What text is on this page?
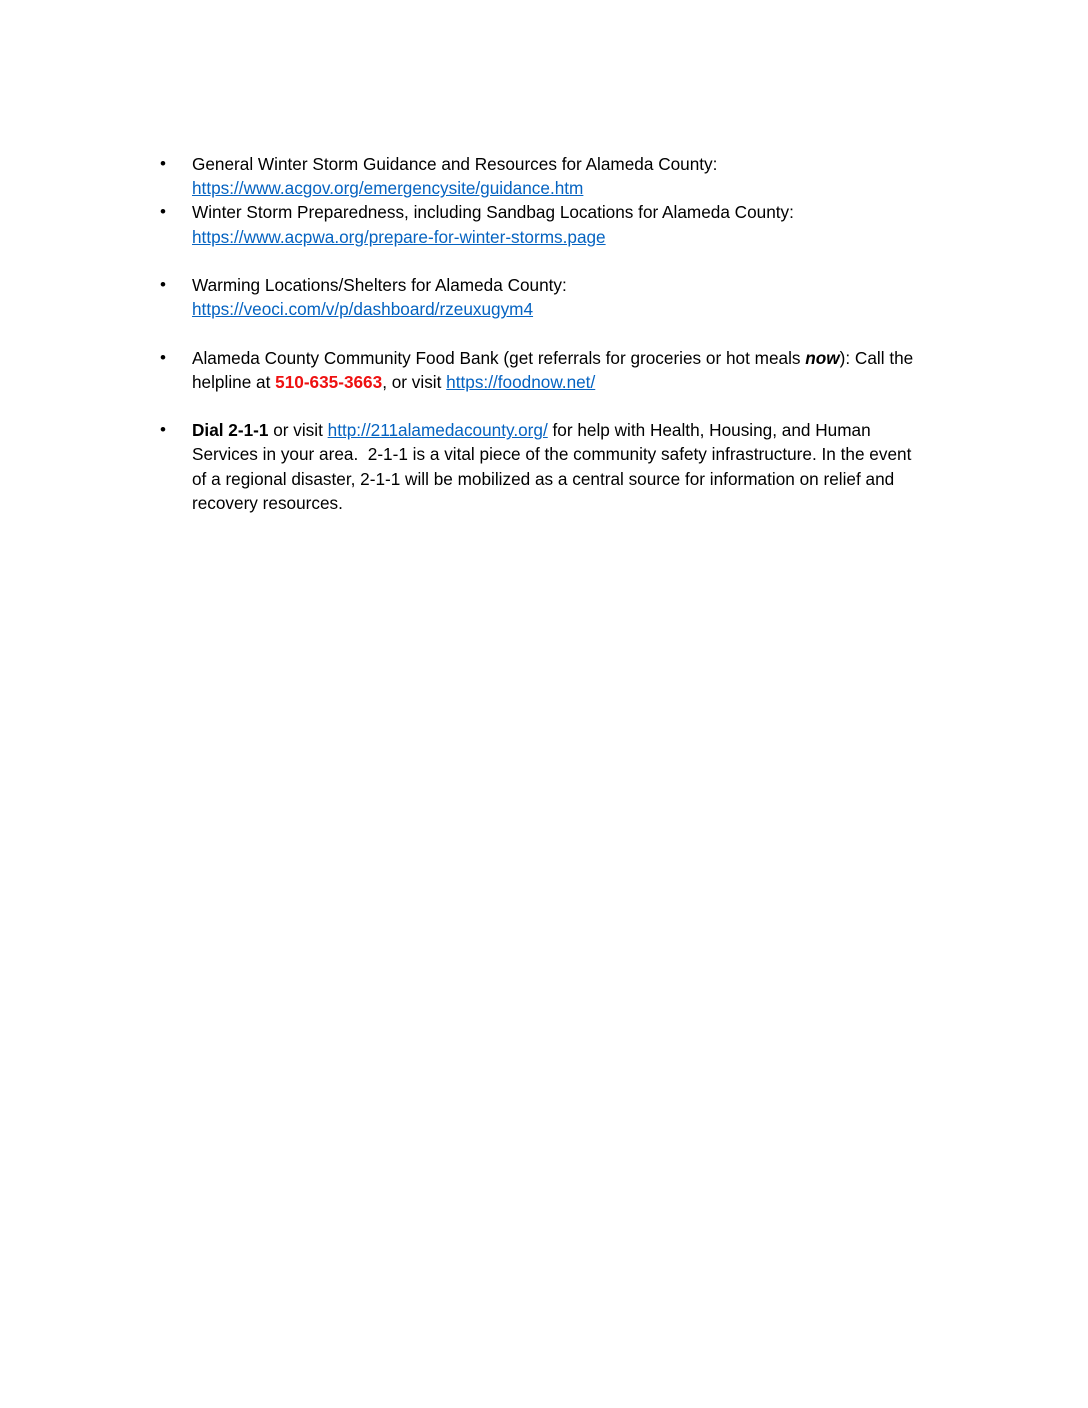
•	General Winter Storm Guidance and Resources for Alameda County:
https://www.acgov.org/emergencysite/guidance.htm
•	Winter Storm Preparedness, including Sandbag Locations for Alameda County:
https://www.acpwa.org/prepare-for-winter-storms.page
•	Warming Locations/Shelters for Alameda County:
https://veoci.com/v/p/dashboard/rzeuxugym4
•	Alameda County Community Food Bank (get referrals for groceries or hot meals now): Call the
helpline at 510-635-3663, or visit https://foodnow.net/
•	Dial 2-1-1 or visit http://211alamedacounty.org/ for help with Health, Housing, and Human
Services in your area.  2-1-1 is a vital piece of the community safety infrastructure. In the event
of a regional disaster, 2-1-1 will be mobilized as a central source for information on relief and
recovery resources.
